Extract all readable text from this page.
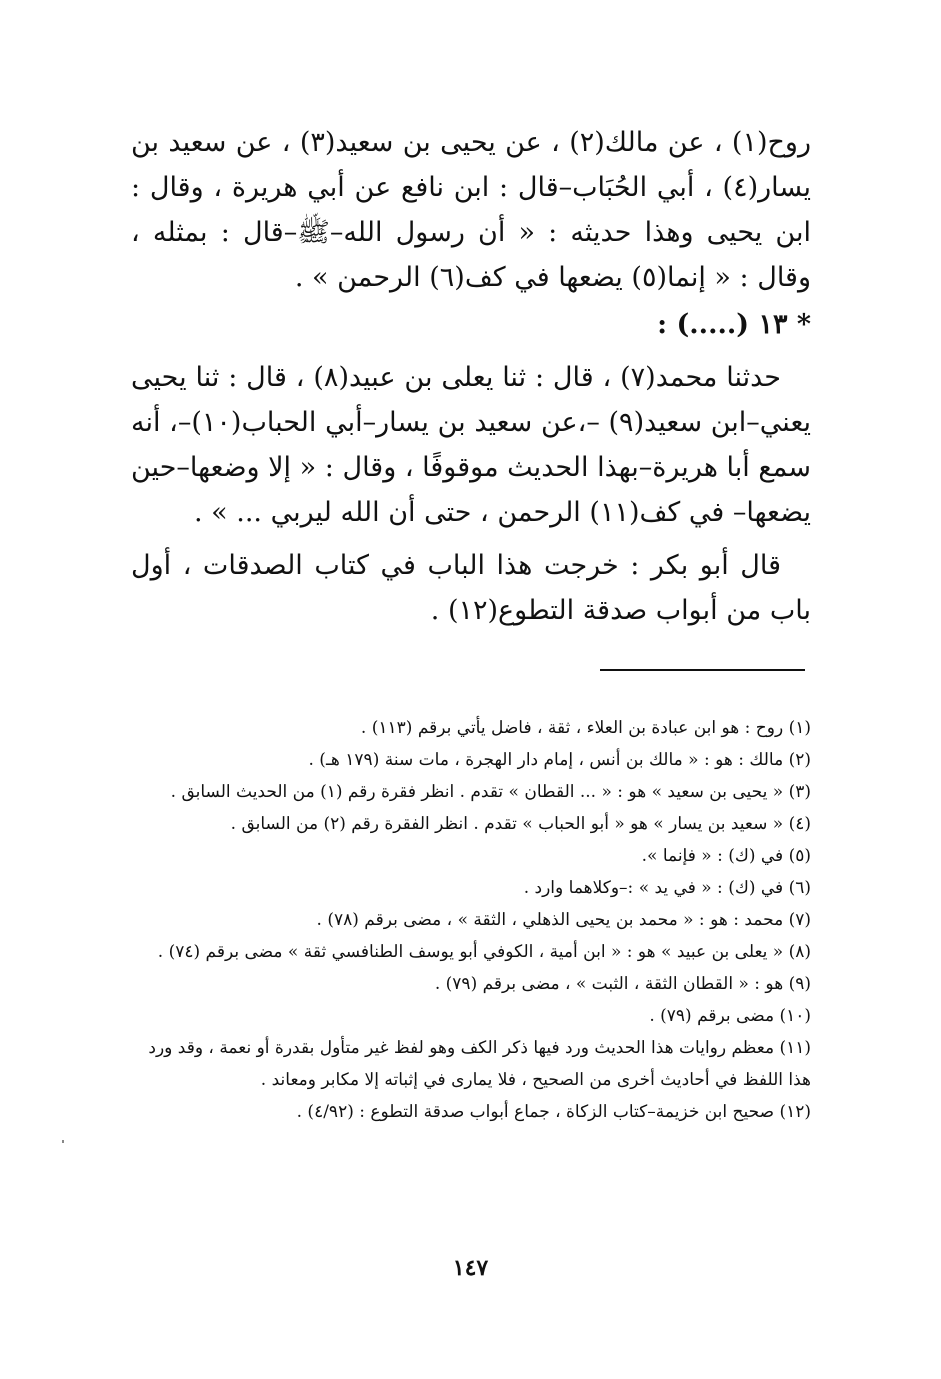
روح(١) ، عن مالك(٢) ، عن يحيى بن سعيد(٣) ، عن سعيد بن يسار(٤) ، أبي الحُبَاب–قال : ابن نافع عن أبي هريرة ، وقال : ابن يحيى وهذا حديثه : « أن رسول الله–ﷺ–قال : بمثله ، وقال : « إنما(٥) يضعها في كف(٦) الرحمن » .
* ١٣ (.....) :

حدثنا محمد(٧) ، قال : ثنا يعلى بن عبيد(٨) ، قال : ثنا يحيى يعني–ابن سعيد(٩) –،عن سعيد بن يسار–أبي الحباب(١٠)–، أنه سمع أبا هريرة–بهذا الحديث موقوفًا ، وقال : « إلا وضعها–حين يضعها– في كف(١١) الرحمن ، حتى أن الله ليربي ... » .

قال أبو بكر : خرجت هذا الباب في كتاب الصدقات ، أول باب من أبواب صدقة التطوع(١٢) .

(١) روح : هو ابن عبادة بن العلاء ، ثقة ، فاضل يأتي برقم (١١٣) .
(٢) مالك : هو : « مالك بن أنس ، إمام دار الهجرة ، مات سنة (١٧٩ هـ) .
(٣) « يحيى بن سعيد » هو : « ... القطان » تقدم . انظر فقرة رقم (١) من الحديث السابق .
(٤) « سعيد بن يسار » هو « أبو الحباب » تقدم . انظر الفقرة رقم (٢) من السابق .
(٥) في (ك) : « فإنما ».
(٦) في (ك) : « في يد » :–وكلاهما وارد .
(٧) محمد : هو : « محمد بن يحيى الذهلي ، الثقة » ، مضى برقم (٧٨) .
(٨) « يعلى بن عبيد » هو : « ابن أمية ، الكوفي أبو يوسف الطنافسي ثقة » مضى برقم (٧٤) .
(٩) هو : « القطان الثقة ، الثبت » ، مضى برقم (٧٩) .
(١٠) مضى برقم (٧٩) .
(١١) معظم روايات هذا الحديث ورد فيها ذكر الكف وهو لفظ غير متأول بقدرة أو نعمة ، وقد ورد هذا اللفظ في أحاديث أخرى من الصحيح ، فلا يمارى في إثباته إلا مكابر ومعاند .
(١٢) صحيح ابن خزيمة–كتاب الزكاة ، جماع أبواب صدقة التطوع : (٤/٩٢) .
١٤٧
